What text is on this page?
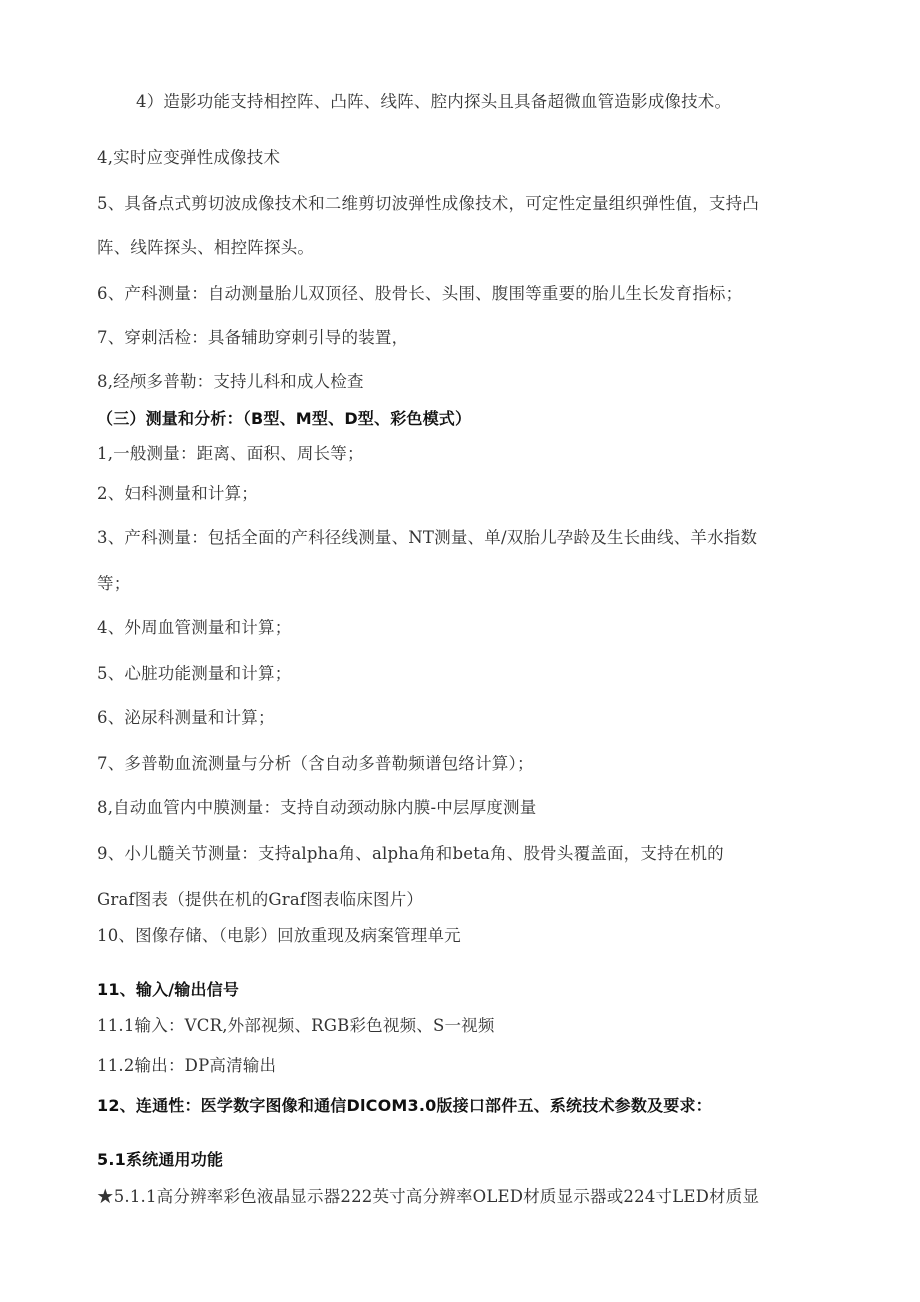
4）造影功能支持相控阵、凸阵、线阵、腔内探头且具备超微血管造影成像技术。
4,实时应变弹性成像技术
5、具备点式剪切波成像技术和二维剪切波弹性成像技术，可定性定量组织弹性值，支持凸
阵、线阵探头、相控阵探头。
6、产科测量：自动测量胎儿双顶径、股骨长、头围、腹围等重要的胎儿生长发育指标；
7、穿刺活检：具备辅助穿刺引导的装置，
8,经颅多普勒：支持儿科和成人检查
（三）测量和分析：（B型、M型、D型、彩色模式）
1,一般测量：距离、面积、周长等；
2、妇科测量和计算；
3、产科测量：包括全面的产科径线测量、NT测量、单/双胎儿孕龄及生长曲线、羊水指数
等；
4、外周血管测量和计算；
5、心脏功能测量和计算；
6、泌尿科测量和计算；
7、多普勒血流测量与分析（含自动多普勒频谱包络计算）；
8,自动血管内中膜测量：支持自动颈动脉内膜-中层厚度测量
9、小儿髓关节测量：支持alpha角、alpha角和beta角、股骨头覆盖面，支持在机的
Graf图表（提供在机的Graf图表临床图片）
10、图像存储、（电影）回放重现及病案管理单元
11、输入/输出信号
11.1输入：VCR,外部视频、RGB彩色视频、S一视频
11.2输出：DP高清输出
12、连通性：医学数字图像和通信DlCOM3.0版接口部件五、系统技术参数及要求：
5.1系统通用功能
★5.1.1高分辨率彩色液晶显示器222英寸高分辨率OLED材质显示器或224寸LED材质显
